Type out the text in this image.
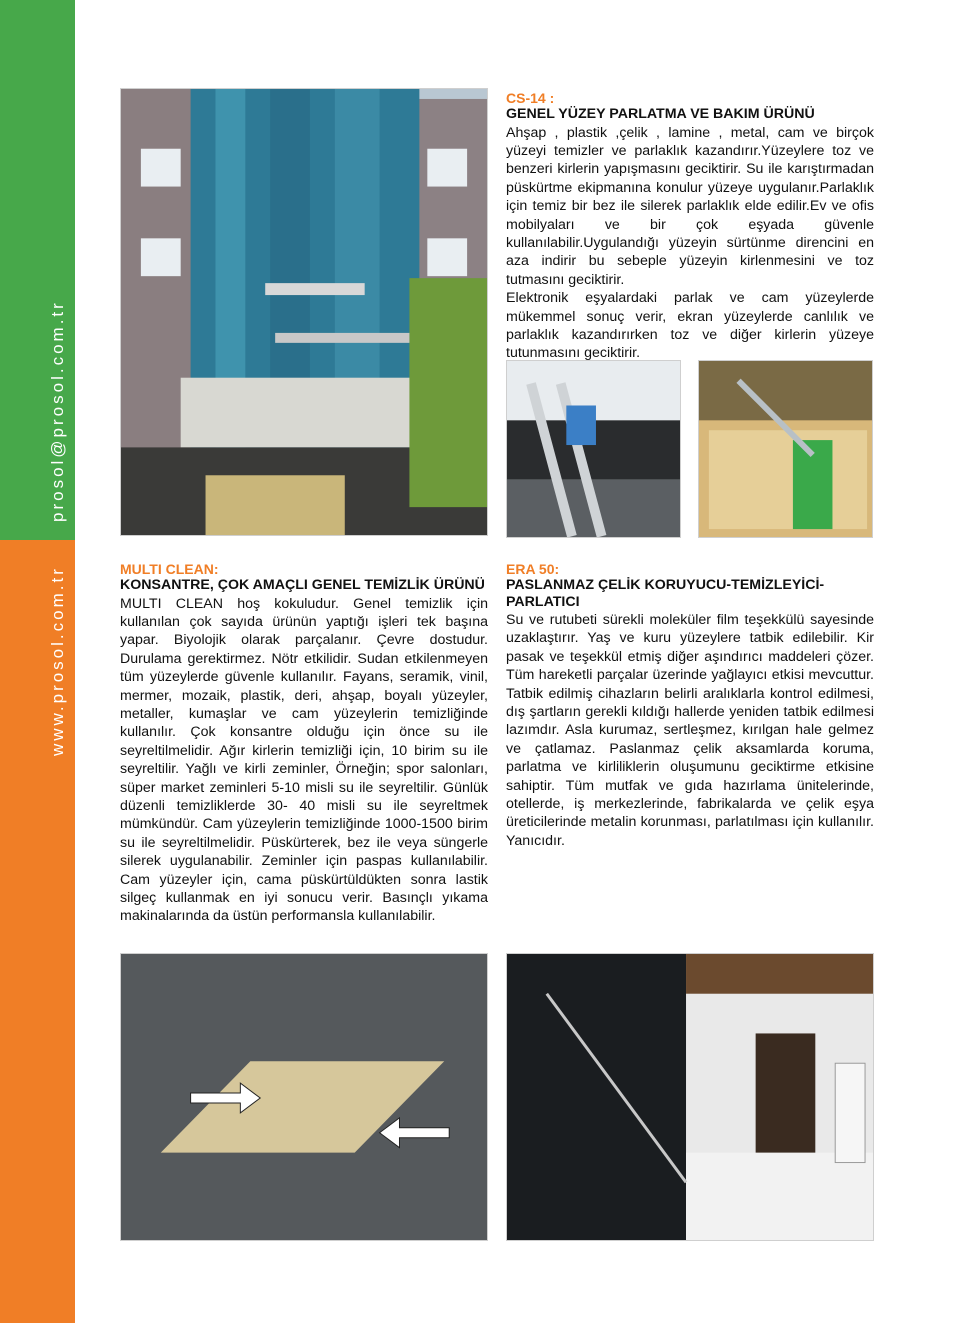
prosol@prosol.com.tr
www.prosol.com.tr
CS-14 :
GENEL YÜZEY PARLATMA VE BAKIM ÜRÜNÜ

Ahşap , plastik ,çelik , lamine , metal, cam ve birçok yüzeyi temizler ve parlaklık kazandırır.Yüzeylere toz ve benzeri kirlerin yapışmasını geciktirir. Su ile karıştırmadan püskürtme ekipmanına konulur yüzeye uygulanır.Parlaklık için temiz bir bez ile silerek parlaklık elde edilir.Ev ve ofis mobilyaları ve bir çok eşyada güvenle kullanılabilir.Uygulandığı yüzeyin sürtünme direncini en aza indirir bu sebeple yüzeyin kirlenmesini ve toz tutmasını geciktirir.

Elektronik eşyalardaki parlak ve cam yüzeylerde mükemmel sonuç verir, ekran yüzeylerde canlılık ve parlaklık kazandırırken toz ve diğer kirlerin yüzeye tutunmasını geciktirir.

MULTI CLEAN:
KONSANTRE, ÇOK AMAÇLI GENEL TEMİZLİK ÜRÜNÜ

MULTI CLEAN hoş kokuludur. Genel temizlik için kullanılan çok sayıda ürünün yaptığı işleri tek başına yapar. Biyolojik olarak parçalanır. Çevre dostudur. Durulama gerektirmez. Nötr etkilidir. Sudan etkilenmeyen tüm yüzeylerde güvenle kullanılır. Fayans, seramik, vinil, mermer, mozaik, plastik, deri, ahşap, boyalı yüzeyler, metaller, kumaşlar ve cam yüzeylerin temizliğinde kullanılır. Çok konsantre olduğu için önce su ile seyreltilmelidir. Ağır kirlerin temizliği için, 10 birim su ile seyreltilir. Yağlı ve kirli zeminler, Örneğin; spor salonları, süper market zeminleri 5-10 misli su ile seyreltilir. Günlük düzenli temizliklerde 30- 40 misli su ile seyreltmek mümkündür. Cam yüzeylerin temizliğinde 1000-1500 birim su ile seyreltilmelidir. Püskürterek, bez ile veya süngerle silerek uygulanabilir. Zeminler için paspas kullanılabilir. Cam yüzeyler için, cama püskürtüldükten sonra lastik silgeç kullanmak en iyi sonucu verir. Basınçlı yıkama makinalarında da üstün performansla kullanılabilir.

ERA 50:
PASLANMAZ ÇELİK KORUYUCU-TEMİZLEYİCİ-PARLATICI

Su ve rutubeti sürekli moleküler film teşekkülü sayesinde uzaklaştırır. Yaş ve kuru yüzeylere tatbik edilebilir. Kir pasak ve teşekkül etmiş diğer aşındırıcı maddeleri çözer. Tüm hareketli parçalar üzerinde yağlayıcı etkisi mevcuttur. Tatbik edilmiş cihazların belirli aralıklarla kontrol edilmesi, dış şartların gerekli kıldığı hallerde yeniden tatbik edilmesi lazımdır. Asla kurumaz, sertleşmez, kırılgan hale gelmez ve çatlamaz. Paslanmaz çelik aksamlarda koruma, parlatma ve kirliliklerin oluşumunu geciktirme etkisine sahiptir. Tüm mutfak ve gıda hazırlama ünitelerinde, otellerde, iş merkezlerinde, fabrikalarda ve çelik eşya üreticilerinde metalin korunması, parlatılması için kullanılır. Yanıcıdır.
